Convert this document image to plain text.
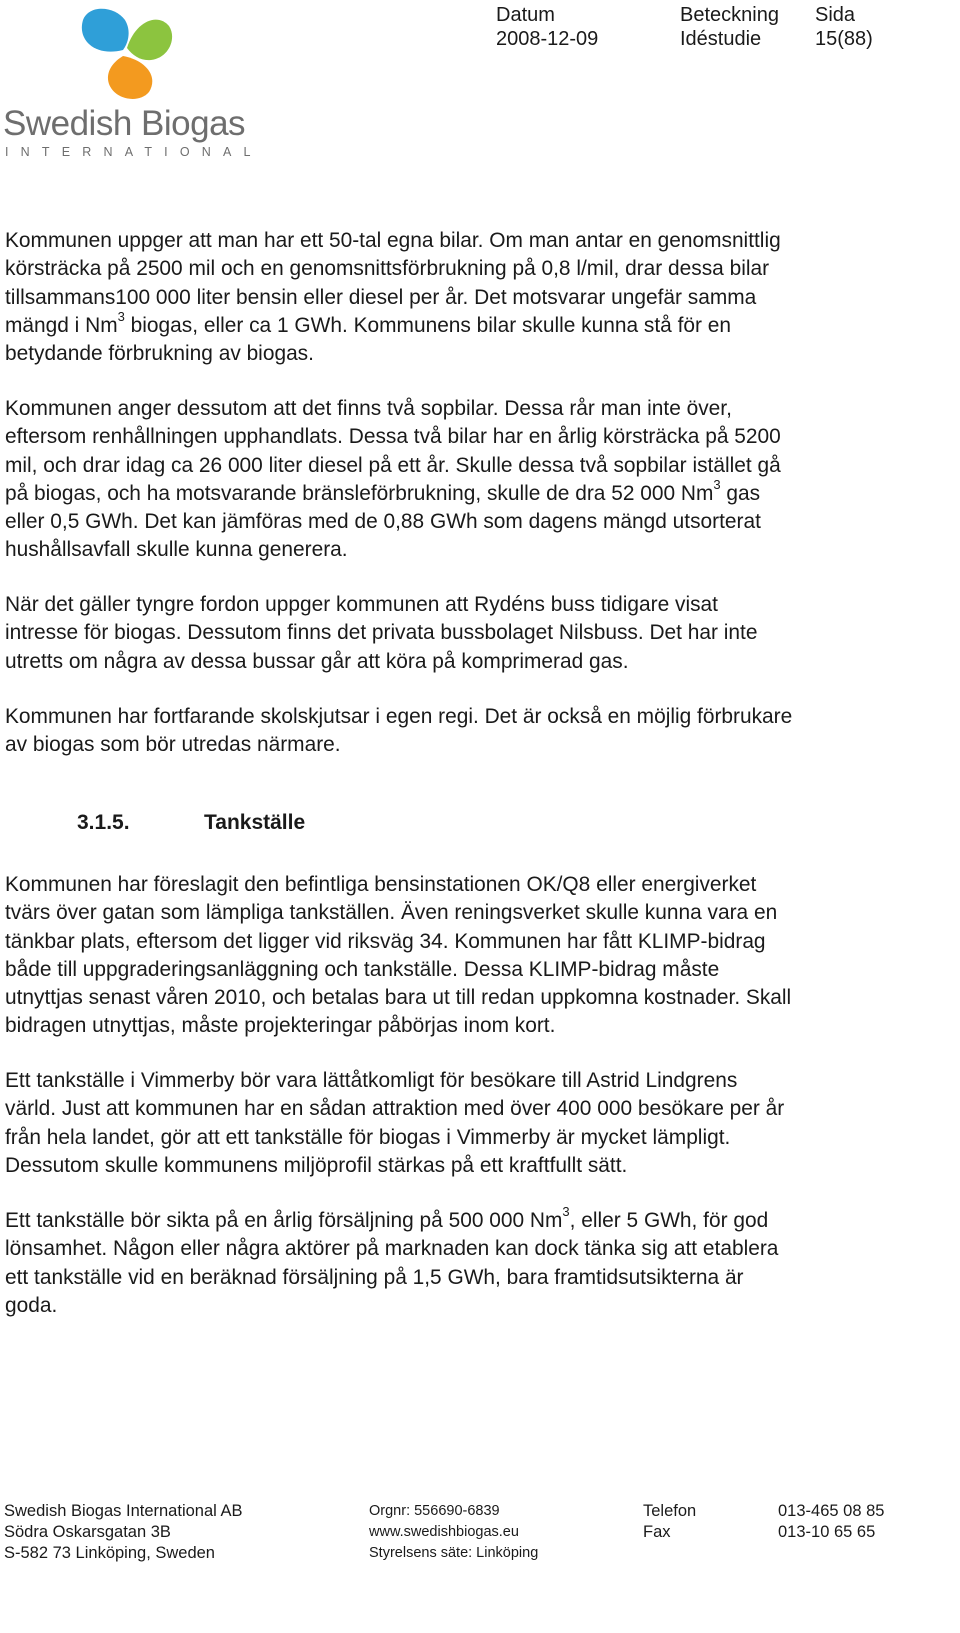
Swedish Biogas
INTERNATIONAL
Datum
2008-12-09
Beteckning
Idéstudie
Sida
15(88)
Kommunen uppger att man har ett 50-tal egna bilar. Om man antar en genomsnittlig
körsträcka på 2500 mil och en genomsnittsförbrukning på 0,8 l/mil, drar dessa bilar
tillsammans100 000 liter bensin eller diesel per år. Det motsvarar ungefär samma
mängd i Nm$^3$ biogas, eller ca 1 GWh. Kommunens bilar skulle kunna stå för en
betydande förbrukning av biogas.
Kommunen anger dessutom att det finns två sopbilar. Dessa rår man inte över,
eftersom renhållningen upphandlats. Dessa två bilar har en årlig körsträcka på 5200
mil, och drar idag ca 26 000 liter diesel på ett år. Skulle dessa två sopbilar istället gå
på biogas, och ha motsvarande bränsleförbrukning, skulle de dra 52 000 Nm$^3$ gas
eller 0,5 GWh. Det kan jämföras med de 0,88 GWh som dagens mängd utsorterat
hushållsavfall skulle kunna generera.
När det gäller tyngre fordon uppger kommunen att Rydéns buss tidigare visat
intresse för biogas. Dessutom finns det privata bussbolaget Nilsbuss. Det har inte
utretts om några av dessa bussar går att köra på komprimerad gas.
Kommunen har fortfarande skolskjutsar i egen regi. Det är också en möjlig förbrukare
av biogas som bör utredas närmare.
3.1.5.	Tankställe
Kommunen har föreslagit den befintliga bensinstationen OK/Q8 eller energiverket
tvärs över gatan som lämpliga tankställen. Även reningsverket skulle kunna vara en
tänkbar plats, eftersom det ligger vid riksväg 34. Kommunen har fått KLIMP-bidrag
både till uppgraderingsanläggning och tankställe. Dessa KLIMP-bidrag måste
utnyttjas senast våren 2010, och betalas bara ut till redan uppkomna kostnader. Skall
bidragen utnyttjas, måste projekteringar påbörjas inom kort.
Ett tankställe i Vimmerby bör vara lättåtkomligt för besökare till Astrid Lindgrens
värld. Just att kommunen har en sådan attraktion med över 400 000 besökare per år
från hela landet, gör att ett tankställe för biogas i Vimmerby är mycket lämpligt.
Dessutom skulle kommunens miljöprofil stärkas på ett kraftfullt sätt.
Ett tankställe bör sikta på en årlig försäljning på 500 000 Nm$^3$, eller 5 GWh, för god
lönsamhet. Någon eller några aktörer på marknaden kan dock tänka sig att etablera
ett tankställe vid en beräknad försäljning på 1,5 GWh, bara framtidsutsikterna är
goda.
Swedish Biogas International AB
Södra Oskarsgatan 3B
S-582 73 Linköping, Sweden
Orgnr: 556690-6839
www.swedishbiogas.eu
Styrelsens säte: Linköping
Telefon
Fax
013-465 08 85
013-10 65 65
